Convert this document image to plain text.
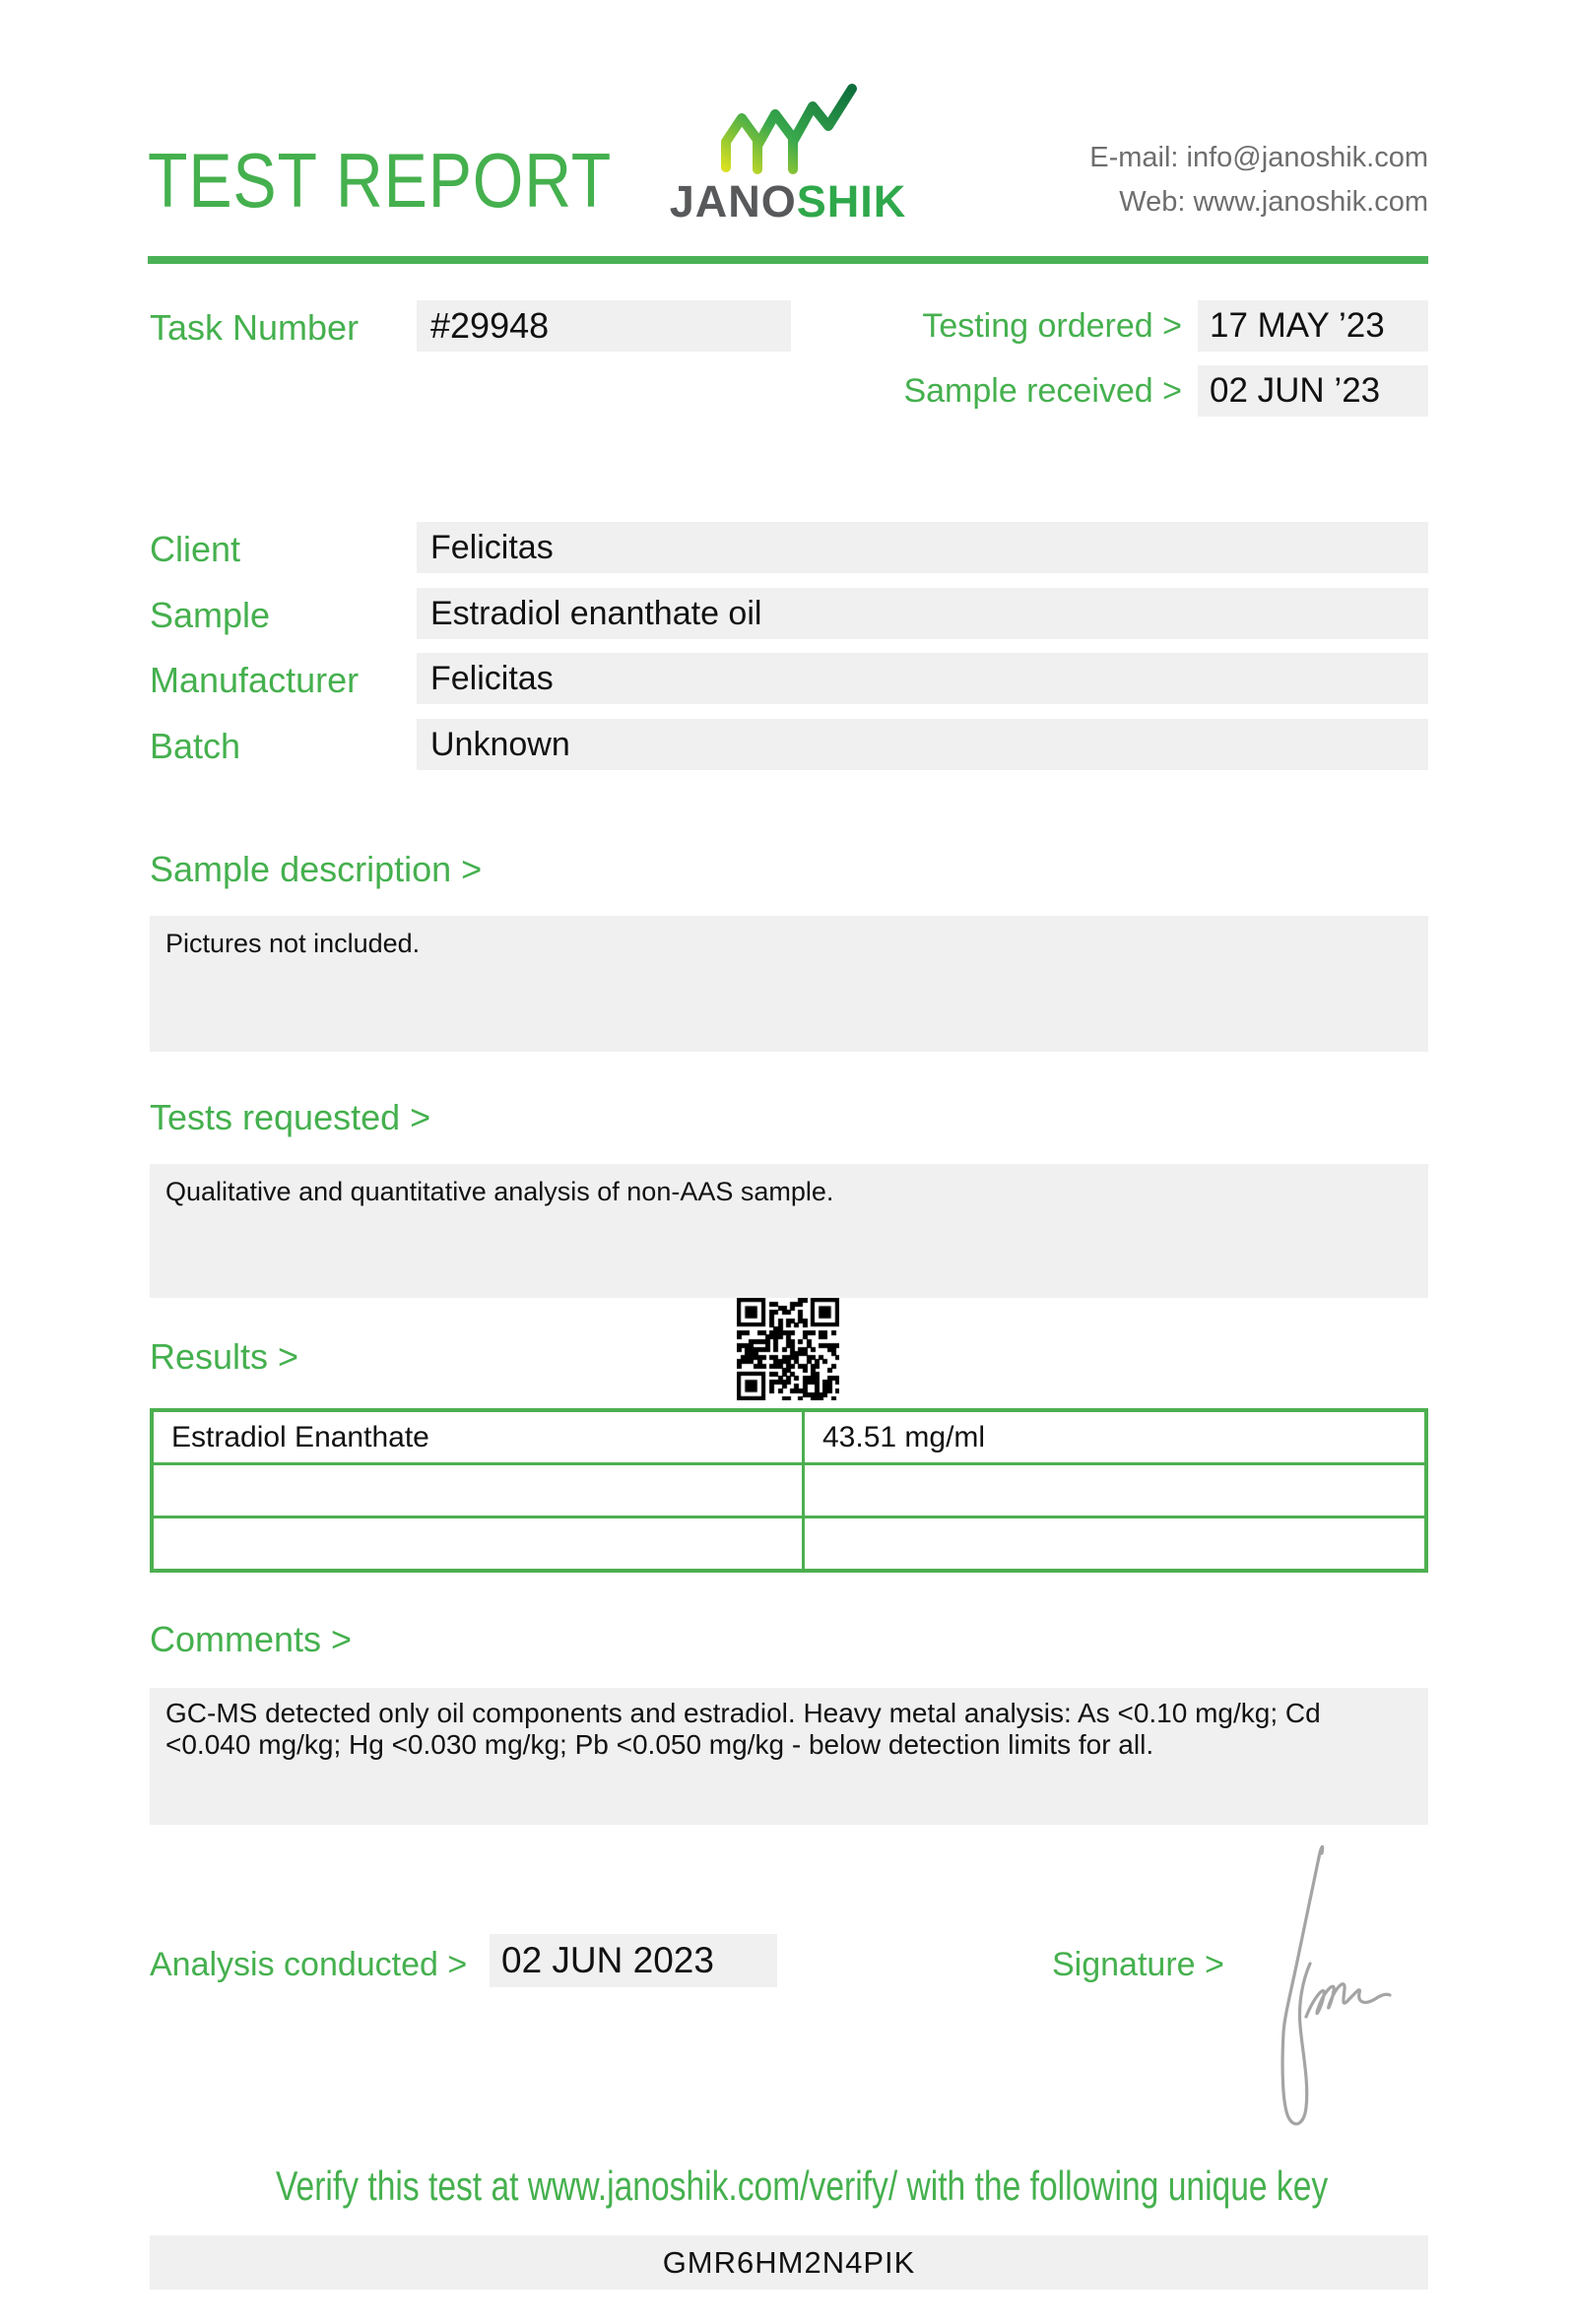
TEST REPORT	JANOSHIK
E-mail: info@janoshik.com
Web: www.janoshik.com
Task Number	#29948	Testing ordered > 17 MAY ’23
Sample received > 02 JUN ’23
Client	Felicitas
Sample	Estradiol enanthate oil
Manufacturer	Felicitas
Batch	Unknown
Sample description >
Pictures not included.
Tests requested >
Qualitative and quantitative analysis of non-AAS sample.
Results >
Estradiol Enanthate	43.51 mg/ml

Comments >
GC-MS detected only oil components and estradiol. Heavy metal analysis: As <0.10 mg/kg; Cd <0.040 mg/kg; Hg <0.030 mg/kg; Pb <0.050 mg/kg - below detection limits for all.
Analysis conducted > 02 JUN 2023	Signature >
Verify this test at www.janoshik.com/verify/ with the following unique key
GMR6HM2N4PIK
